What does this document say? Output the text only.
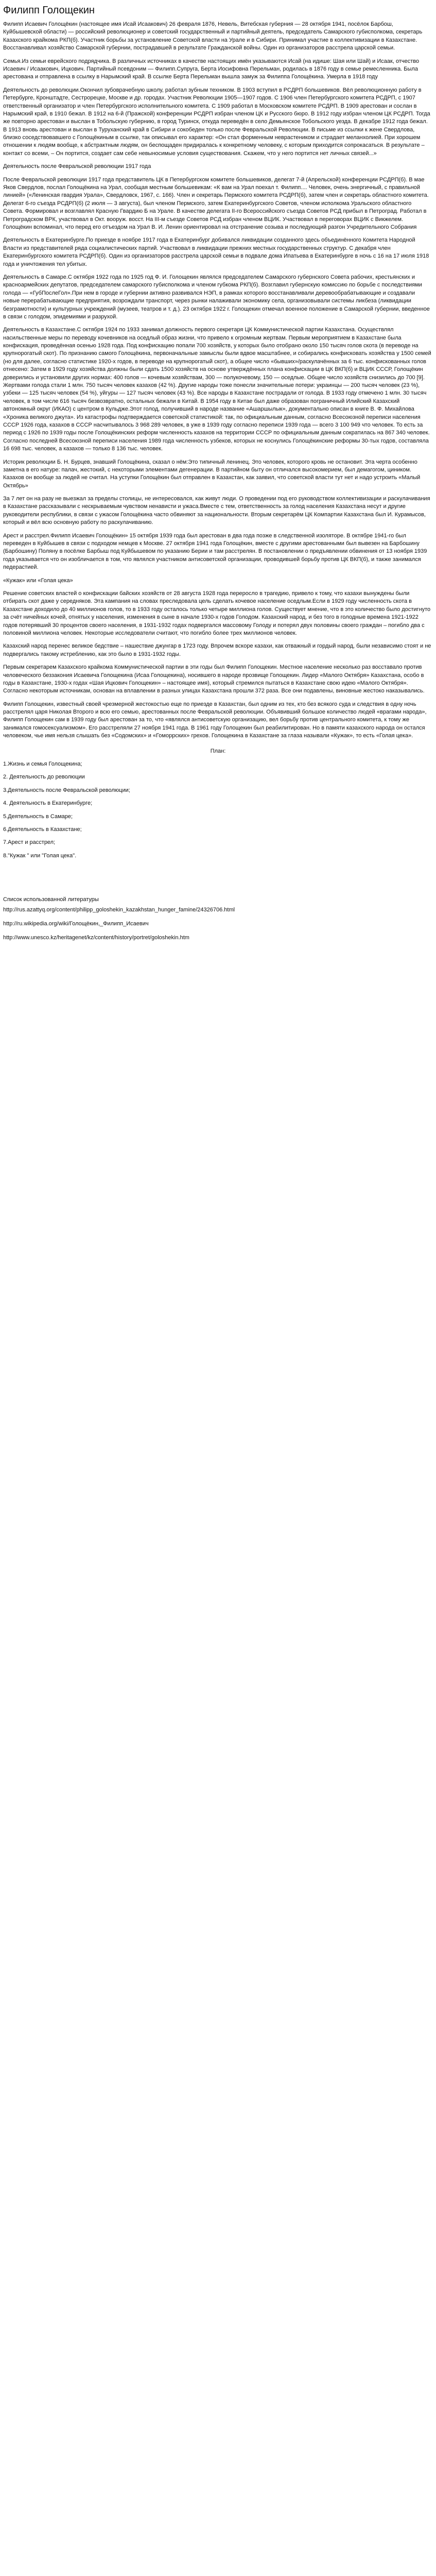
Филипп Голощекин

Филипп Исаевич Голощёкин (настоящее имя Исай Исаакович) 26 февраля 1876, Невель, Витебская губерния — 28 октября 1941, посёлок Барбош, Куйбышевской области) — российский революционер и советский государственный и партийный деятель, председатель Самарского губисполкома, секретарь Казахского крайкома РКП(б). Участник борьбы за установление Советской власти на Урале и в Сибири. Принимал участие в коллективизации в Казахстане. Восстанавливал хозяйство Самарской губернии, пострадавшей в результате Гражданской войны. Один из организаторов расстрела царской семьи.

Семья.Из семьи еврейского подрядчика. В различных источниках в качестве настоящих имён указываются Исай (на идише: Шая или Шай) и Исаак, отчество Исаевич / Исаакович, Ицкович. Партийный псевдоним — Филипп.Супруга, Берта Иосифовна Перельман, родилась в 1876 году в семье ремесленника. Была арестована и отправлена в ссылку в Нарымский край. В ссылке Берта Перельман вышла замуж за Филиппа Голощёкина. Умерла в 1918 году

Деятельность до революции.Окончил зубоврачебную школу, работал зубным техником. В 1903 вступил в РСДРП большевиков. Вёл революционную работу в Петербурге, Кронштадте, Сестрорецке, Москве и др. городах. Участник Революции 1905—1907 годов. С 1906 член Петербургского комитета РСДРП, с 1907 ответственный организатор и член Петербургского исполнительного комитета. С 1909 работал в Московском комитете РСДРП. В 1909 арестован и сослан в Нарымский край, в 1910 бежал. В 1912 на 6-й (Пражской) конференции РСДРП избран членом ЦК и Русского бюро. В 1912 году избран членом ЦК РСДРП. Тогда же повторно арестован и выслан в Тобольскую губернию, в город Туринск, откуда переведён в село Демьянское Тобольского уезда. В декабре 1912 года бежал. В 1913 вновь арестован и выслан в Туруханский край в Сибири и сокобеден только после Февральской Революции. В письме из ссылки к жене Свердлова, близко соседствовавшего с Голощёкиным в ссылке, так описывал его характер: «Он стал форменным неврастеником и страдает меланхолией. При хорошем отношении к людям вообще, к абстрактным людям, он беспощаден придиралась к конкретному человеку, с которым приходится сопрокасаться. В результате – контакт со всеми, – Он портится, создает сам себе невыносимые условия существования. Скажем, что у него портится нет личных связей...»

Деятельность после Февральской революции 1917 года

После Февральской революции 1917 года представитель ЦК в Петербургском комитете большевиков, делегат 7-й (Апрельской) конференции РСДРП(б). В мае Яков Свердлов, послал Голощёкина на Урал, сообщая местным большевикам: «К вам на Урал поехал т. Филипп.... Человек, очень энергичный, с правильной линией» («Ленинская гвардия Урала», Свердловск, 1967, с. 166). Член и секретарь Пермского комитета РСДРП(б), затем член и секретарь областного комитета. Делегат 6-го съезда РСДРП(б) (2 июля — 3 августа), был членом Пермского, затем Екатеринбургского Советов, членом исполкома Уральского областного Совета. Формировал и возглавлял Красную Гвардию Б на Урале. В качестве делегата II-го Всероссийского съезда Советов РСД прибыл в Петроград. Работал в Петроградском ВРК, участвовал в Окт. вооруж. восст. На III-м съезде Советов РСД избран членом ВЦИК. Участвовал в переговорах ВЦИК с Викжелем. Голощёкин вспоминал, что перед его отъездом на Урал В. И. Ленин ориентировал на отстранение созыва и последующий разгон Учредительного Собрания

Деятельность в Екатеринбурге.По приезде в ноябре 1917 года в Екатеринбург добивался ликвидации созданного здесь объединённого Комитета Народной Власти из представителей ряда социалистических партий. Участвовал в ликвидации прежних местных государственных структур. С декабря член Екатеринбургского комитета РСДРП(б). Один из организаторов расстрела царской семьи в подвале дома Ипатьева в Екатеринбурге в ночь с 16 на 17 июля 1918 года и уничтожения тел убитых.

Деятельность в Самаре.С октября 1922 года по 1925 год Ф. И. Голощекин являлся председателем Самарского губернского Совета рабочих, крестьянских и красноармейских депутатов, председателем самарского губисполкома и членом губкома РКП(б). Возглавил губернскую комиссию по борьбе с последствиями голода — «ГубПослеГол».При нем в городе и губернии активно развивался НЭП, в рамках которого восстанавливали деревообрабатывающие и создавали новые перерабатывающие предприятия, возрождали транспорт, через рынки налаживали экономику села, организовывали системы ликбеза (ликвидации безграмотности) и культурных учреждений (музеев, театров и т. д.). 23 октября 1922 г. Голощекин отмечал военное положение в Самарской губернии, введенное в связи с голодом, эпидемиями и разрухой.

Деятельность в Казахстане.С октября 1924 по 1933 занимал должность первого секретаря ЦК Коммунистической партии Казахстана. Осуществлял насильственные меры по переводу кочевников на оседлый образ жизни, что привело к огромным жертвам. Первым мероприятием в Казахстане была конфискация, проведённая осенью 1928 года. Под конфискацию попали 700 хозяйств, у которых было отобрано около 150 тысяч голов скота (в переводе на крупнорогатый скот). По признанию самого Голощёкина, первоначальные замыслы были вдвое масштабнее, и собирались конфисковать хозяйства у 1500 семей (но для далее, согласно статистике 1920-х годов, в переводе на крупнорогатый скот), а общее число «бывших»/раскулачённых за 6 тыс. конфискованных голов отнесено: Затем в 1929 году хозяйства должны были сдать 1500 хозяйств на основе утверждённых плана конфискации в ЦК ВКП(б) и ВЦИК СССР, Голощёкин доверились и установили других нормах: 400 голов — кочевым хозяйствам, 300 — полукочевому, 150 — оседлые. Общее число хозяйств снизились до 700 [9]. Жертвами голода стали 1 млн. 750 тысяч человек казахов (42 %). Другие народы тоже понесли значительные потери: украинцы — 200 тысяч человек (23 %), узбеки — 125 тысяч человек (54 %), уйгуры — 127 тысяч человек (43 %). Все народы в Казахстане пострадали от голода. В 1933 году отмечено 1 млн. 30 тысяч человек, в том числе 616 тысяч безвозвратно, остальных бежали в Китай. В 1954 году в Китае был даже образован пограничный Илийский Казахский автономный округ (ИКАО) с центром в Кульдже.Этот голод, получивший в народе название «Ашаршылык», документально описан в книге В. Ф. Михайлова «Хроника великого джута». Из катастрофы подтверждается советской статистикой: так, по официальным данным, согласно Всесоюзной переписи населения СССР 1926 года, казахов в СССР насчитывалось 3 968 289 человек, в уже в 1939 году согласно переписи 1939 года — всего 3 100 949 что человек. То есть за период с 1926 по 1939 годы после Голощёкинских реформ численность казахов на территории СССР по официальным данным сократилась на 867 340 человек. Согласно последней Всесоюзной переписи населения 1989 года численность узбеков, которых не коснулись Голощёкинские реформы 30-тых годов, составляла 16 698 тыс. человек, а казахов — только 8 136 тыс. человек.

Историк революции Б. Н. Бурцев, знавший Голощёкина, сказал о нём:Это типичный ленинец. Это человек, которого кровь не остановит. Эта черта особенно заметна в его натуре: палач, жестокий, с некоторыми элементами дегенерации. В партийном быту он отличался высокомерием, был демагогом, циником. Казахов он вообще за людей не считал. На уступки Голощёкин был отправлен в Казахстан, как заявил, что советской власти тут нет и надо устроить «Малый Октябрь»

За 7 лет он на разу не выезжал за пределы столицы, не интересовался, как живут люди. О проведении под его руководством коллективизации и раскулачивания в Казахстане рассказывали с нескрываемым чувством ненависти и ужаса.Вместе с тем, ответственность за голод населения Казахстана несут и другие руководители республики, в связи с ужасом Голощёкина часто обвиняют за национальности. Вторым секретарём ЦК Компартии Казахстана был И. Курамысов, который и вёл всю основную работу по раскулачиванию.

Арест и расстрел.Филипп Исаевич Голощёкин» 15 октября 1939 года был арестован в два года позже в следственной изоляторе. В октябре 1941-го был переведен в Куйбышев в связи с подходом немцев к Москве. 27 октября 1941 года Голощёкин, вместе с другими арестованными был вывезен на Барбошину (Барбошину) Поляну в посёлке Барбыш под Куйбышевом по указанию Берии и там расстрелян. В постановлении о предъявлении обвинения от 13 ноября 1939 года указывается что он изобличается в том, что являлся участником антисоветской организации, проводившей борьбу против ЦК ВКП(б), и также занимался педерастией.

«Кужак» или «Голая цека»

Решение советских властей о конфискации байских хозяйств от 28 августа 1928 года переросло в трагедию, привело к тому, что казахи вынуждены были отбирать скот даже у середняков. Эта кампания на словах преследовала цель сделать кочевое население оседлым.Если в 1929 году численность скота в Казахстане доходило до 40 миллионов голов, то в 1933 году осталось только четыре миллиона голов. Существует мнение, что в это количество было достигнуто за счёт ничейных кочей, отнятых у населения, изменения в сыне в начале 1930-х годов Голодом. Казахский народ, и без того в голодные времена 1921-1922 годов потерявший 30 процентов своего населения, в 1931-1932 годах подвергался массовому Голоду и потерял двух половины своего граждан – погибло два с половиной миллиона человек. Некоторые исследователи считают, что погибло более трех миллионов человек.

Казахский народ перенес великое бедствие – нашествие джунгар в 1723 году. Впрочем вскоре казахи, как отважный и гордый народ, были независимо стоят и не подвергались такому истреблению, как это было в 1931-1932 годы.

Первым секретарем Казахского крайкома Коммунистической партии в эти годы был Филипп Голощекин. Местное население несколько раз восставало против человеческого беззакония Исаевича Голощекина (Исаа Голощекина), носившего в народе прозвище Голощекин. Лидер «Малого Октября» Казахстана, особо в годы в Казахстане, 1930-х годах «Шая Ицкович Голощекин» – настоящее имя), который стремился пытаться в Казахстане свою идею «Малого Октября». Согласно некоторым источникам, основан на вплавлении в разных улицах Казахстана прошли 372 раза. Все они подавлены, виновные жестоко наказывались.

Филипп Голощекин, известный своей чрезмерной жестокостью еще по приезде в Казахстан, был одним из тех, кто без всякого суда и следствия в одну ночь расстрелял царя Николая Второго и всю его семью, арестованных после Февральской революции. Объявивший большое количество людей «врагами народа», Филипп Голощекин сам в 1939 году был арестован за то, что «являлся антисоветскую организацию, вел борьбу против центрального комитета, к тому же занимался гомосексуализмом». Его расстреляли 27 ноября 1941 года. В 1961 году Голощекин был реабилитирован. Но в памяти казахского народа он остался человеком, чье имя нельзя слышать без «Содомских» и «Гоморрских» грехов. Голощекина в Казахстане за глаза называли «Кужак», то есть «Голая цека».

План:
1.Жизнь и семья Голощекина;
2. Деятельность до революции
3.Деятельность после Февральской революции;
4. Деятельность в Екатеринбурге;
5.Деятельность в Самаре;
6.Деятельность в Казахстане;
7.Арест и расстрел;
8."Кужак " или "Голая цека".
Список использованной литературы
http://rus.azattyq.org/content/philipp_goloshekin_kazakhstan_hunger_famine/24326706.html
http://ru.wikipedia.org/wiki/Голощёкин,_Филипп_Исаевич
http://www.unesco.kz/heritagenet/kz/content/history/portret/goloshekin.htm
